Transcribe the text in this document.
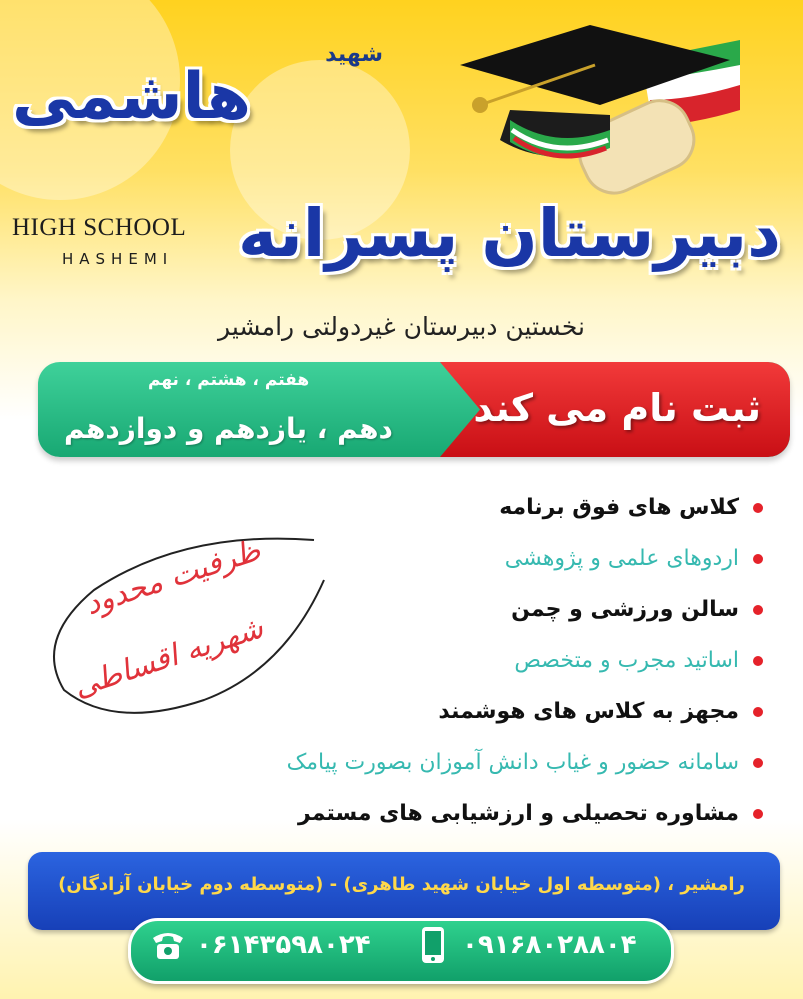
شهید
هاشمی
HIGH SCHOOL
HASHEMI دبیرستان پسرانه
نخستین دبیرستان غیردولتی رامشیر
ثبت نام می کند
هفتم ، هشتم ، نهم
دهم ، یازدهم و دوازدهم
ظرفیت محدود
شهریه اقساطی
کلاس های فوق برنامه
اردوهای علمی و پژوهشی
سالن ورزشی و چمن
اساتید مجرب و متخصص
مجهز به کلاس های هوشمند
سامانه حضور و غیاب دانش آموزان بصورت پیامک
مشاوره تحصیلی و ارزشیابی های مستمر
رامشیر ، (متوسطه اول خیابان شهید طاهری) - (متوسطه دوم خیابان آزادگان)
۰۶۱۴۳۵۹۸۰۲۴	۰۹۱۶۸۰۲۸۸۰۴
